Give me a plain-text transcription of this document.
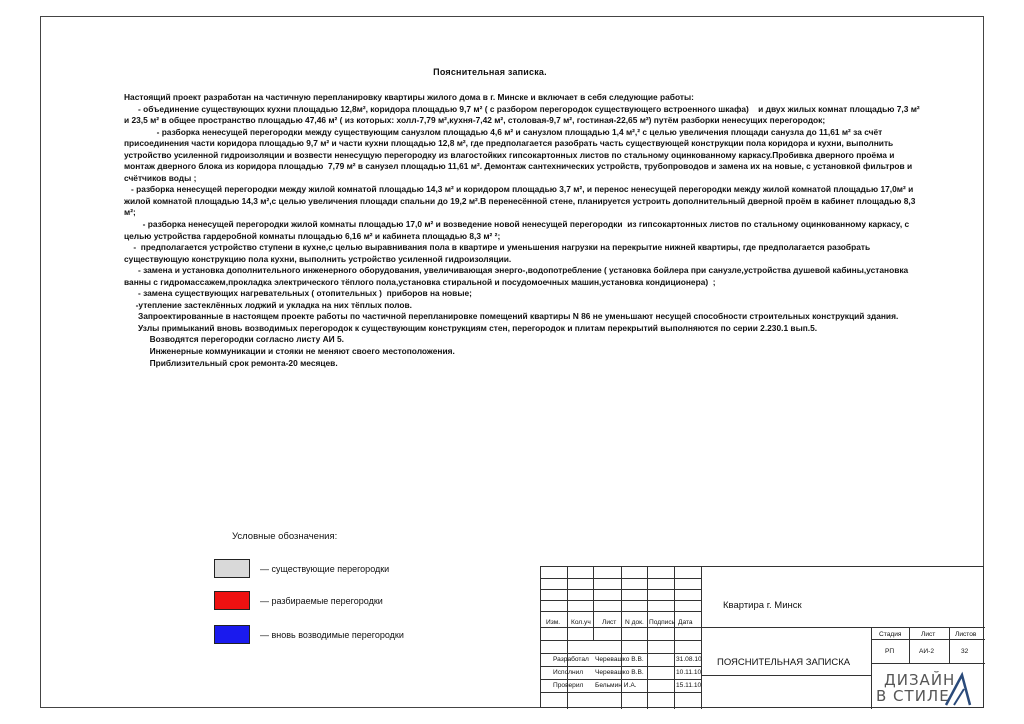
Пояснительная записка.
Настоящий проект разработан на частичную перепланировку квартиры жилого дома в г. Минске и включает в себя следующие работы:
- объединение существующих кухни площадью 12,8м², коридора площадью 9,7 м² ( с разбором перегородок существующего встроенного шкафа)    и двух жилых комнат площадью 7,3 м² и 23,5 м² в общее пространство площадью 47,46 м² ( из которых: холл-7,79 м²,кухня-7,42 м², столовая-9,7 м², гостиная-22,65 м²) путём разборки ненесущих перегородок;
- разборка ненесущей перегородки между существующим санузлом площадью 4,6 м² и санузлом площадью 1,4 м²,² с целью увеличения площади санузла до 11,61 м² за счёт присоединения части коридора площадью 9,7 м² и части кухни площадью 12,8 м², где предполагается разобрать часть существующей конструкции пола коридора и кухни, выполнить устройство усиленной гидроизоляции и возвести ненесущую перегородку из влагостойких гипсокартонных листов по стальному оцинкованному каркасу.Пробивка дверного проёма и монтаж дверного блока из коридора площадью  7,79 м² в санузел площадью 11,61 м². Демонтаж сантехнических устройств, трубопроводов и замена их на новые, с установкой фильтров и счётчиков воды ;
- разборка ненесущей перегородки между жилой комнатой площадью 14,3 м² и коридором площадью 3,7 м², и перенос ненесущей перегородки между жилой комнатой площадью 17,0м² и жилой комнатой площадью 14,3 м²,с целью увеличения площади спальни до 19,2 м².В перенесённой стене, планируется устроить дополнительный дверной проём в кабинет площадью 8,3 м²;
- разборка ненесущей перегородки жилой комнаты площадью 17,0 м² и возведение новой ненесущей перегородки  из гипсокартонных листов по стальному оцинкованному каркасу, с целью устройства гардеробной комнаты площадью 6,16 м² и кабинета площадью 8,3 м² ²;
-  предполагается устройство ступени в кухне,с целью выравнивания пола в квартире и уменьшения нагрузки на перекрытие нижней квартиры, где предполагается разобрать  существующую конструкцию пола кухни, выполнить устройство усиленной гидроизоляции.
- замена и установка дополнительного инженерного оборудования, увеличивающая энерго-,водопотребление ( установка бойлера при санузле,устройства душевой кабины,установка ванны с гидромассажем,прокладка электрического тёплого пола,установка стиральной и посудомоечных машин,установка кондиционера)  ;
- замена существующих нагревательных ( отопительных )  приборов на новые;
-утепление застеклённых лоджий и укладка на них тёплых полов.
Запроектированные в настоящем проекте работы по частичной перепланировке помещений квартиры N 86 не уменьшают несущей способности строительных конструкций здания.
Узлы примыканий вновь возводимых перегородок к существующим конструкциям стен, перегородок и плитам перекрытий выполняются по серии 2.230.1 вып.5.
Возводятся перегородки согласно листу АИ 5.
Инженерные коммуникации и стояки не меняют своего местоположения.
Приблизительный срок ремонта-20 месяцев.
Условные обозначения:
— существующие перегородки
— разбираемые перегородки
— вновь возводимые перегородки
Изм. Кол.уч Лист N док. Подпись Дата
Разработал Черевашко В.В.	31.08.10
Исполнил Черевашко В.В.	10.11.10
Проверил Бельмин И.А.	15.11.10
Квартира г. Минск
ПОЯСНИТЕЛЬНАЯ ЗАПИСКА
Стадия	Лист	Листов
РП	АИ-2	32
ДИЗАЙН
В СТИЛЕ
